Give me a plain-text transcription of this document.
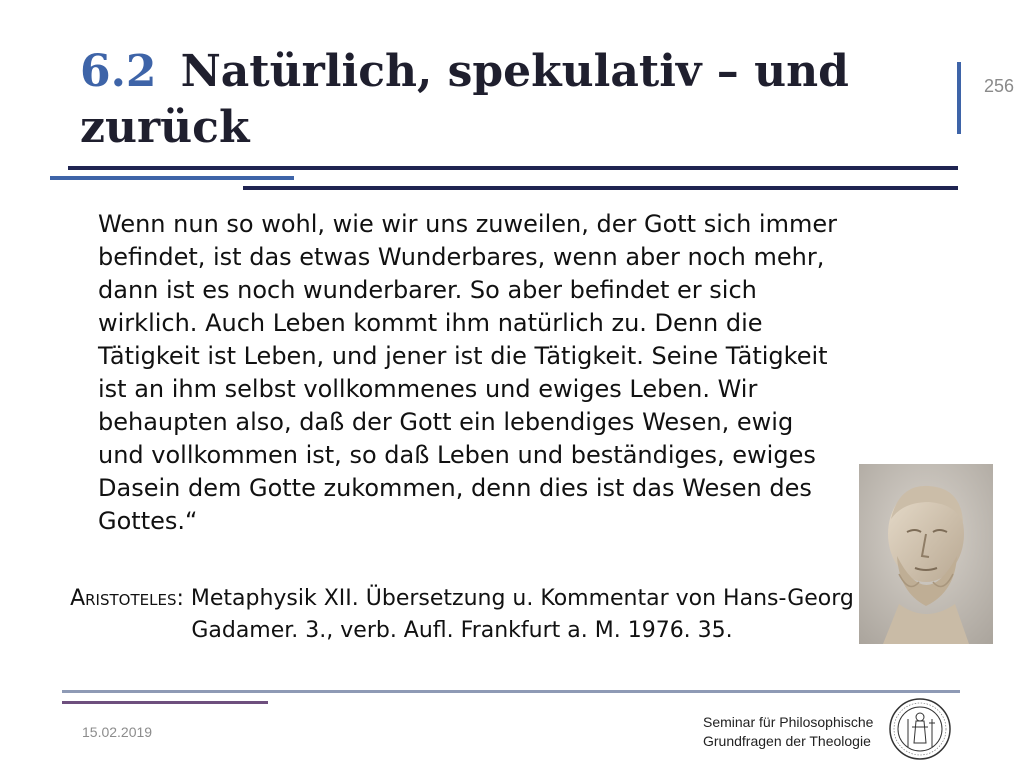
6.2 Natürlich, spekulativ – und zurück
256

Wenn nun so wohl, wie wir uns zuweilen, der Gott sich immer befindet, ist das etwas Wunderbares, wenn aber noch mehr, dann ist es noch wunderbarer. So aber befindet er sich wirklich. Auch Leben kommt ihm natürlich zu. Denn die Tätigkeit ist Leben, und jener ist die Tätigkeit. Seine Tätigkeit ist an ihm selbst vollkommenes und ewiges Leben. Wir behaupten also, daß der Gott ein lebendiges Wesen, ewig und vollkommen ist, so daß Leben und beständiges, ewiges Dasein dem Gotte zukommen, denn dies ist das Wesen des Gottes.“

Aristoteles: Metaphysik XII. Übersetzung u. Kommentar von Hans-Georg Gadamer. 3., verb. Aufl. Frankfurt a. M. 1976. 35.

15.02.2019
Seminar für Philosophische
Grundfragen der Theologie
